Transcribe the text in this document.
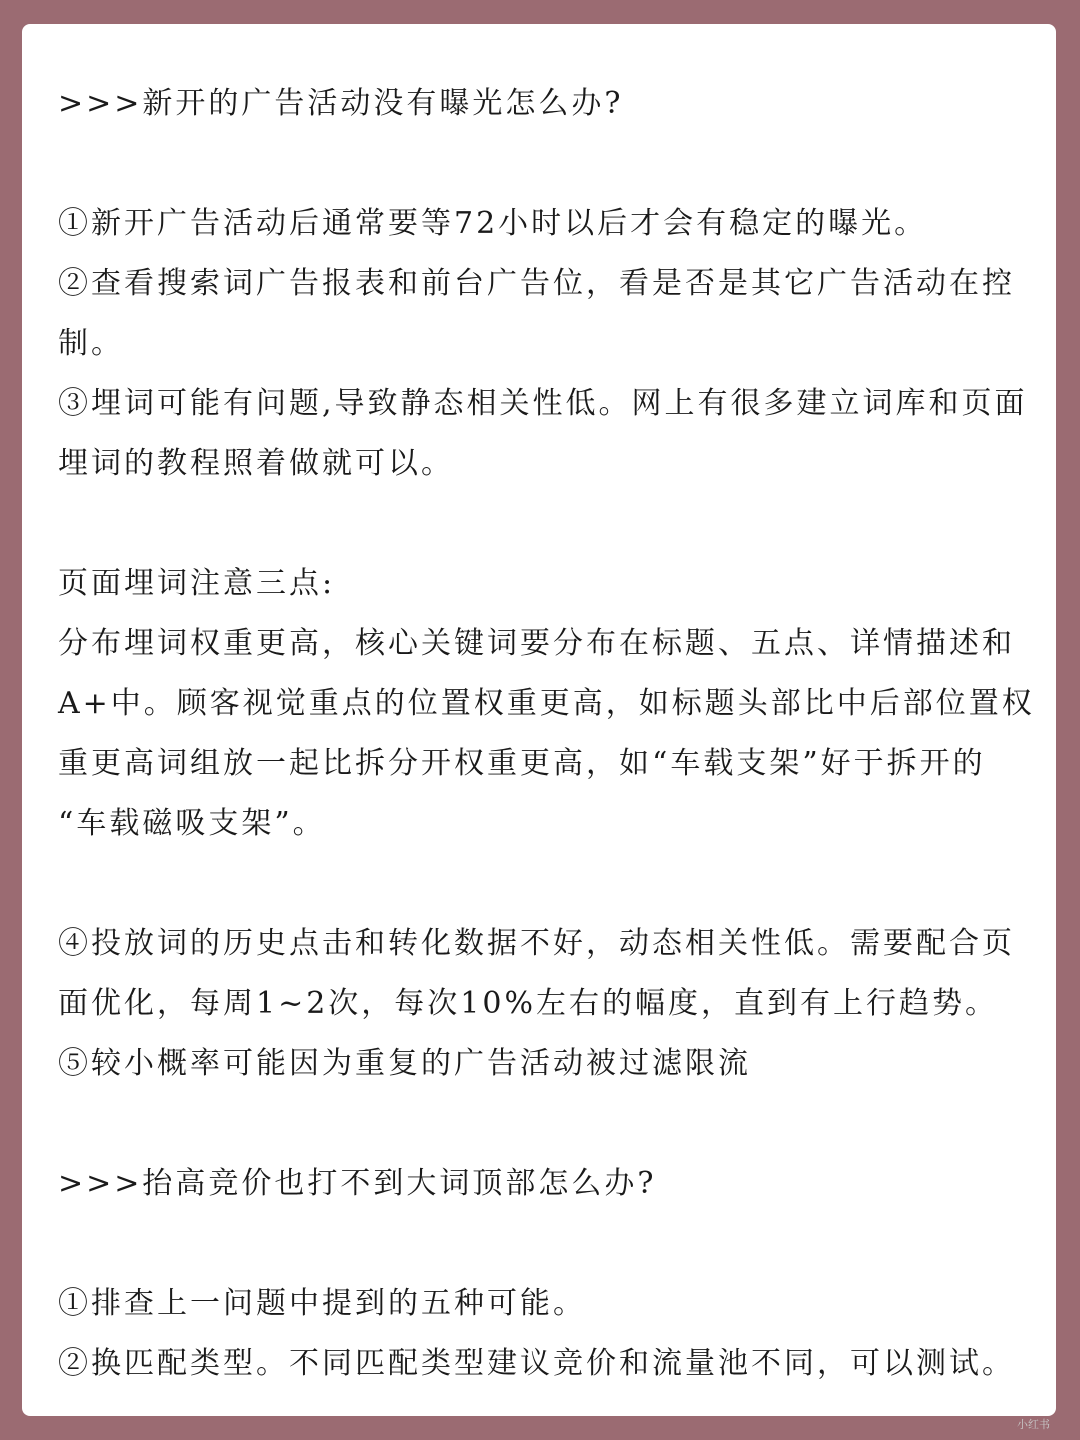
>>>新开的广告活动没有曝光怎么办?
①新开广告活动后通常要等72小时以后才会有稳定的曝光。
②查看搜索词广告报表和前台广告位，看是否是其它广告活动在控
制。
③埋词可能有问题,导致静态相关性低。网上有很多建立词库和页面
埋词的教程照着做就可以。
页面埋词注意三点:
分布埋词权重更高，核心关键词要分布在标题、五点、详情描述和
A+中。顾客视觉重点的位置权重更高，如标题头部比中后部位置权
重更高词组放一起比拆分开权重更高，如“车载支架”好于拆开的
“车载磁吸支架”。
④投放词的历史点击和转化数据不好，动态相关性低。需要配合页
面优化，每周1~2次，每次10%左右的幅度，直到有上行趋势。
⑤较小概率可能因为重复的广告活动被过滤限流
>>>抬高竞价也打不到大词顶部怎么办?
①排查上一问题中提到的五种可能。
②换匹配类型。不同匹配类型建议竞价和流量池不同，可以测试。
小红书
